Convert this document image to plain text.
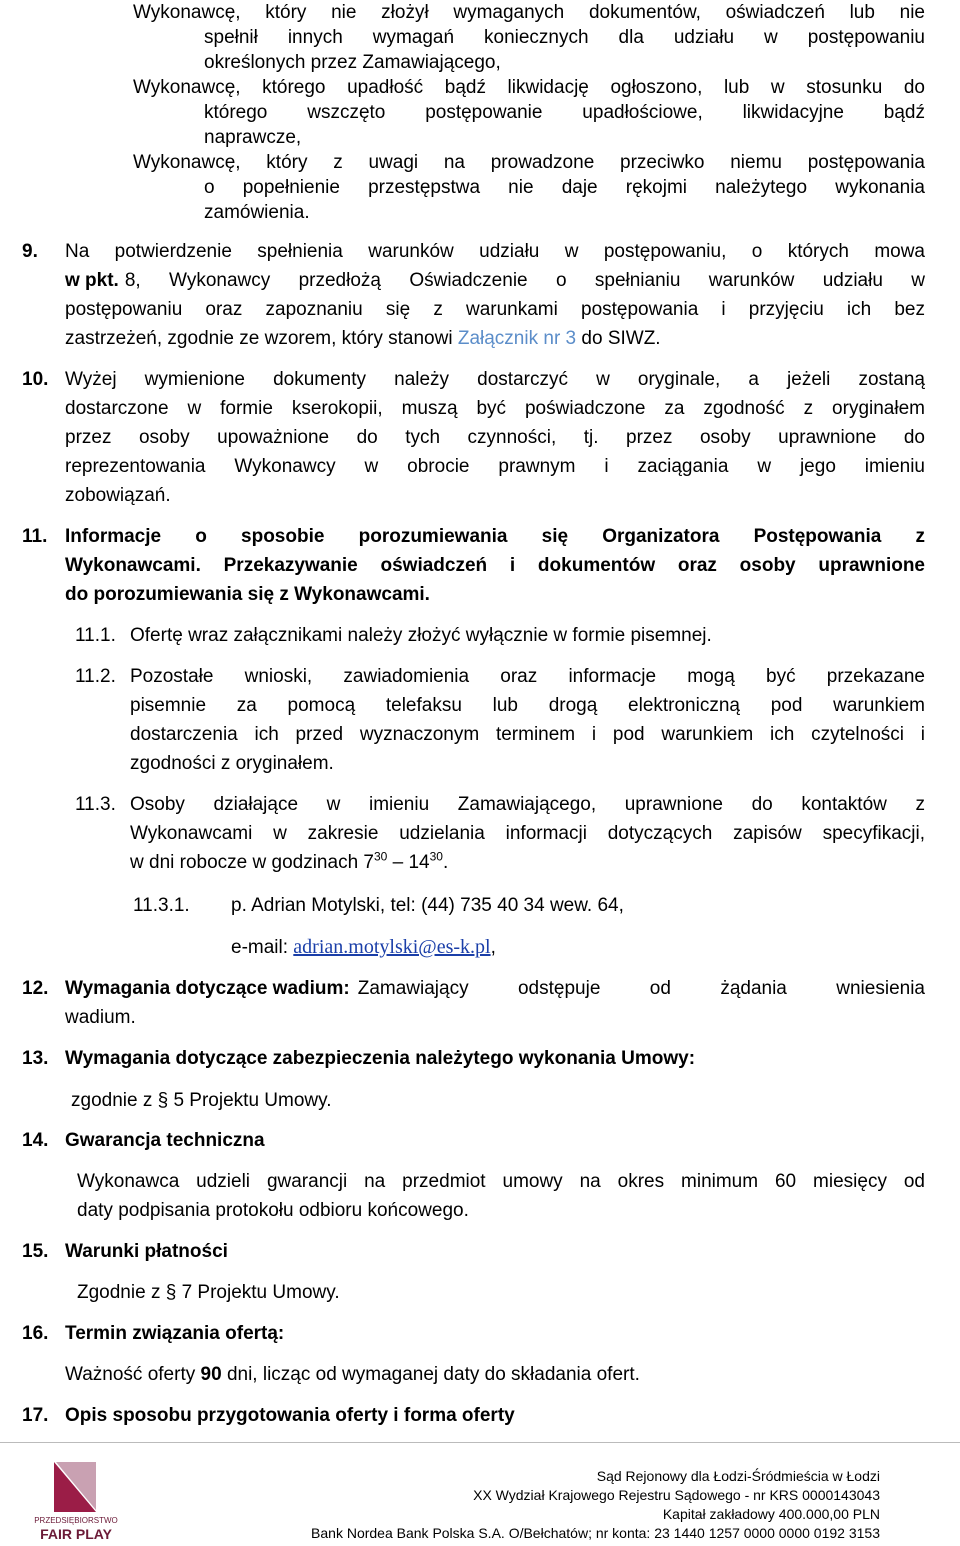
Wykonawcę, który nie złożył wymaganych dokumentów, oświadczeń lub nie
spełnił innych wymagań koniecznych dla udziału w postępowaniu
określonych przez Zamawiającego,
Wykonawcę, którego upadłość bądź likwidację ogłoszono, lub w stosunku do
którego wszczęto postępowanie upadłościowe, likwidacyjne bądź
naprawcze,
Wykonawcę, który z uwagi na prowadzone przeciwko niemu postępowania
o popełnienie przestępstwa nie daje rękojmi należytego wykonania
zamówienia.
9. Na potwierdzenie spełnienia warunków udziału w postępowaniu, o których mowa
w pkt. 8, Wykonawcy przedłożą Oświadczenie o spełnianiu warunków udziału w
postępowaniu oraz zapoznaniu się z warunkami postępowania i przyjęciu ich bez
zastrzeżeń, zgodnie ze wzorem, który stanowi Załącznik nr 3 do SIWZ.
10. Wyżej wymienione dokumenty należy dostarczyć w oryginale, a jeżeli zostaną
dostarczone w formie kserokopii, muszą być poświadczone za zgodność z oryginałem
przez osoby upoważnione do tych czynności, tj. przez osoby uprawnione do
reprezentowania Wykonawcy w obrocie prawnym i zaciągania w jego imieniu
zobowiązań.
11. Informacje o sposobie porozumiewania się Organizatora Postępowania z
Wykonawcami. Przekazywanie oświadczeń i dokumentów oraz osoby uprawnione
do porozumiewania się z Wykonawcami.
11.1. Ofertę wraz załącznikami należy złożyć wyłącznie w formie pisemnej.
11.2. Pozostałe wnioski, zawiadomienia oraz informacje mogą być przekazane
pisemnie za pomocą telefaksu lub drogą elektroniczną pod warunkiem
dostarczenia ich przed wyznaczonym terminem i pod warunkiem ich czytelności i
zgodności z oryginałem.
11.3. Osoby działające w imieniu Zamawiającego, uprawnione do kontaktów z
Wykonawcami w zakresie udzielania informacji dotyczących zapisów specyfikacji,
w dni robocze w godzinach $7^{30} - 14^{30}$.
11.3.1. p. Adrian Motylski, tel: (44) 735 40 34 wew. 64,
e-mail: adrian.motylski@es-k.pl,
12. Wymagania dotyczące wadium: Zamawiający odstępuje od żądania wniesienia
wadium.
13. Wymagania dotyczące zabezpieczenia należytego wykonania Umowy:
zgodnie z § 5 Projektu Umowy.
14. Gwarancja techniczna
Wykonawca udzieli gwarancji na przedmiot umowy na okres minimum 60 miesięcy od
daty podpisania protokołu odbioru końcowego.
15. Warunki płatności
Zgodnie z § 7 Projektu Umowy.
16. Termin związania ofertą:
Ważność oferty 90 dni, licząc od wymaganej daty do składania ofert.
17. Opis sposobu przygotowania oferty i forma oferty
PRZEDSIĘBIORSTWO
FAIR PLAY
Sąd Rejonowy dla Łodzi-Śródmieścia w Łodzi
XX Wydział Krajowego Rejestru Sądowego - nr KRS 0000143043
Kapitał zakładowy 400.000,00 PLN
Bank Nordea Bank Polska S.A. O/Bełchatów; nr konta: 23 1440 1257 0000 0000 0192 3153
